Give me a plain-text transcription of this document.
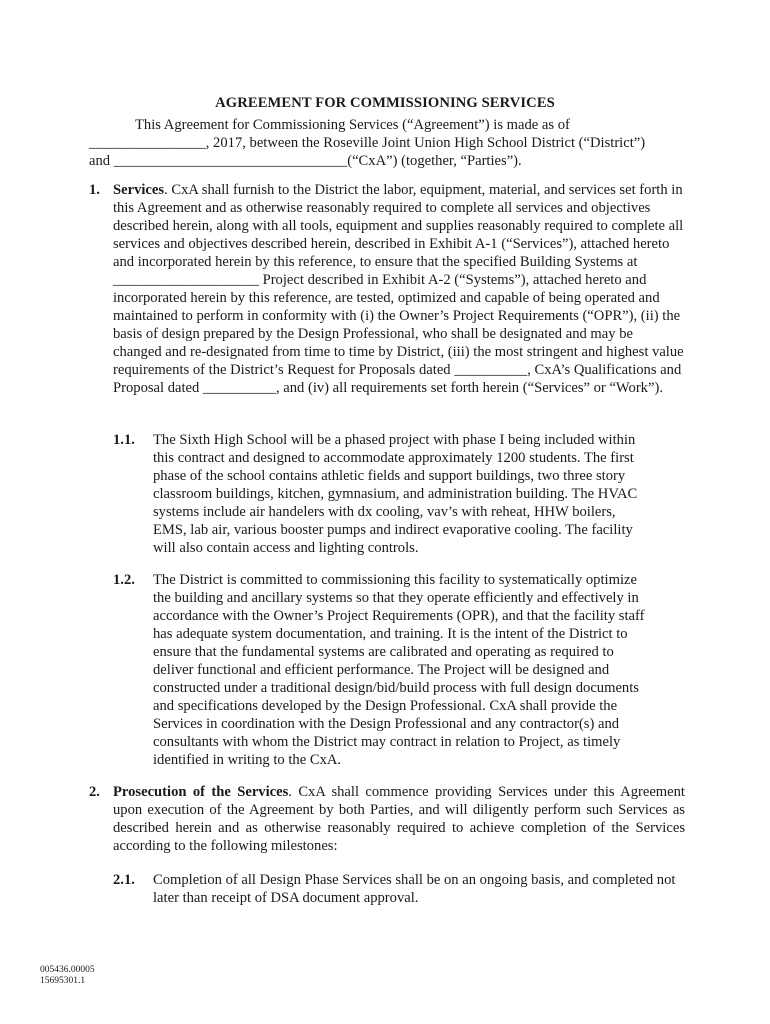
AGREEMENT FOR COMMISSIONING SERVICES
This Agreement for Commissioning Services (“Agreement”) is made as of
________________, 2017, between the Roseville Joint Union High School District (“District”)
and ________________________________(“CxA”) (together, “Parties”).
1. Services. CxA shall furnish to the District the labor, equipment, material, and services set forth in this Agreement and as otherwise reasonably required to complete all services and objectives described herein, along with all tools, equipment and supplies reasonably required to complete all services and objectives described herein, described in Exhibit A-1 (“Services”), attached hereto and incorporated herein by this reference, to ensure that the specified Building Systems at ____________________ Project described in Exhibit A-2 (“Systems”), attached hereto and incorporated herein by this reference, are tested, optimized and capable of being operated and maintained to perform in conformity with (i) the Owner’s Project Requirements (“OPR”), (ii) the basis of design prepared by the Design Professional, who shall be designated and may be changed and re-designated from time to time by District, (iii) the most stringent and highest value requirements of the District’s Request for Proposals dated __________, CxA’s Qualifications and Proposal dated __________, and (iv) all requirements set forth herein (“Services” or “Work”).
1.1. The Sixth High School will be a phased project with phase I being included within this contract and designed to accommodate approximately 1200 students. The first phase of the school contains athletic fields and support buildings, two three story classroom buildings, kitchen, gymnasium, and administration building. The HVAC systems include air handelers with dx cooling, vav’s with reheat, HHW boilers, EMS, lab air, various booster pumps and indirect evaporative cooling. The facility will also contain access and lighting controls.
1.2. The District is committed to commissioning this facility to systematically optimize the building and ancillary systems so that they operate efficiently and effectively in accordance with the Owner’s Project Requirements (OPR), and that the facility staff has adequate system documentation, and training. It is the intent of the District to ensure that the fundamental systems are calibrated and operating as required to deliver functional and efficient performance. The Project will be designed and constructed under a traditional design/bid/build process with full design documents and specifications developed by the Design Professional. CxA shall provide the Services in coordination with the Design Professional and any contractor(s) and consultants with whom the District may contract in relation to Project, as timely identified in writing to the CxA.
2. Prosecution of the Services. CxA shall commence providing Services under this Agreement upon execution of the Agreement by both Parties, and will diligently perform such Services as described herein and as otherwise reasonably required to achieve completion of the Services according to the following milestones:
2.1. Completion of all Design Phase Services shall be on an ongoing basis, and completed not later than receipt of DSA document approval.
005436.00005
15695301.1
